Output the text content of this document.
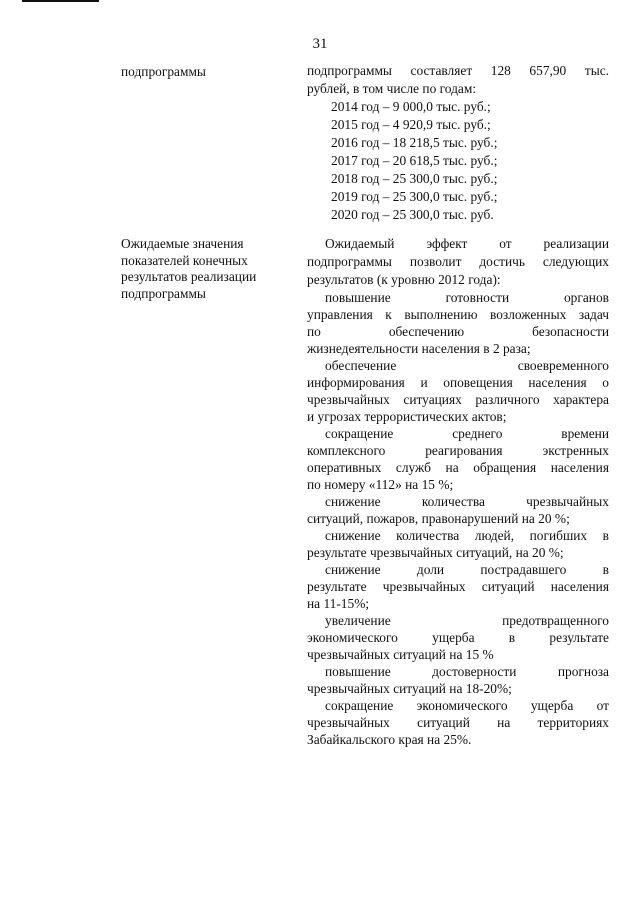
31
подпрограммы	подпрограммы составляет 128 657,90 тыс.

рублей, в том числе по годам:

2014 год – 9 000,0 тыс. руб.;

2015 год – 4 920,9 тыс. руб.;

2016 год – 18 218,5 тыс. руб.;

2017 год – 20 618,5 тыс. руб.;

2018 год – 25 300,0 тыс. руб.;

2019 год – 25 300,0 тыс. руб.;

2020 год – 25 300,0 тыс. руб.

Ожидаемые значения
показателей конечных
результатов реализации
подпрограммы

Ожидаемый эффект от реализации

подпрограммы позволит достичь следующих

результатов (к уровню 2012 года):

повышение готовности органов

управления к выполнению возложенных задач

по обеспечению безопасности

жизнедеятельности населения в 2 раза;

обеспечение своевременного

информирования и оповещения населения о

чрезвычайных ситуациях различного характера

и угрозах террористических актов;

сокращение среднего времени

комплексного реагирования экстренных

оперативных служб на обращения населения

по номеру «112» на 15 %;

снижение количества чрезвычайных

ситуаций, пожаров, правонарушений на 20 %;

снижение количества людей, погибших в

результате чрезвычайных ситуаций, на 20 %;

снижение доли пострадавшего в

результате чрезвычайных ситуаций населения

на 11-15%;

увеличение предотвращенного

экономического ущерба в результате

чрезвычайных ситуаций на 15 %

повышение достоверности прогноза

чрезвычайных ситуаций на 18-20%;

сокращение экономического ущерба от

чрезвычайных ситуаций на территориях

Забайкальского края на 25%.
